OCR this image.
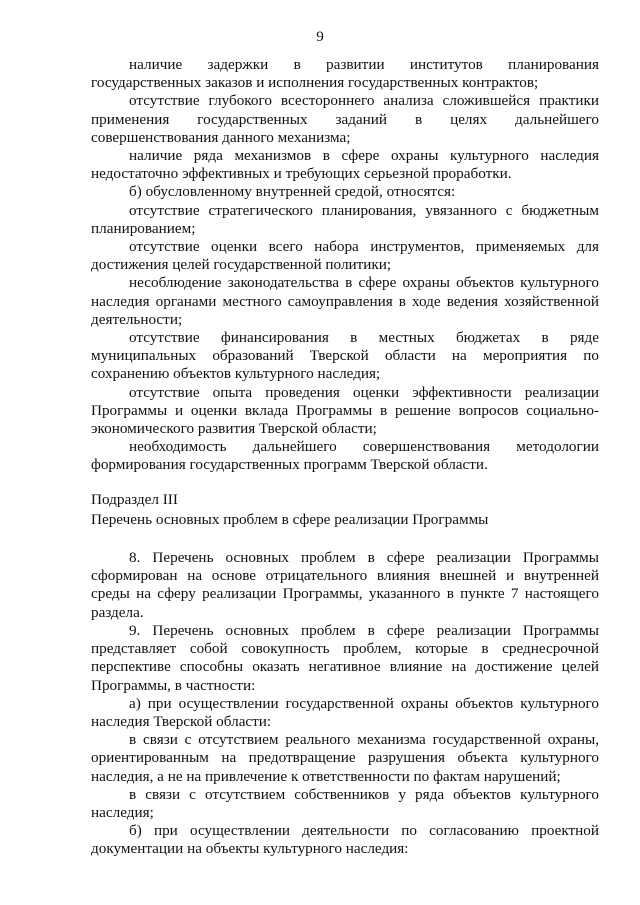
9

наличие задержки в развитии институтов планирования государственных заказов и исполнения государственных контрактов;

отсутствие глубокого всестороннего анализа сложившейся практики применения государственных заданий в целях дальнейшего совершенствования данного механизма;

наличие ряда механизмов в сфере охраны культурного наследия недостаточно эффективных и требующих серьезной проработки.

б) обусловленному внутренней средой, относятся:

отсутствие стратегического планирования, увязанного с бюджетным планированием;

отсутствие оценки всего набора инструментов, применяемых для достижения целей государственной политики;

несоблюдение законодательства в сфере охраны объектов культурного наследия органами местного самоуправления в ходе ведения хозяйственной деятельности;

отсутствие финансирования в местных бюджетах в ряде муниципальных образований Тверской области на мероприятия по сохранению объектов культурного наследия;

отсутствие опыта проведения оценки эффективности реализации Программы и оценки вклада Программы в решение вопросов социально-экономического развития Тверской области;

необходимость дальнейшего совершенствования методологии формирования государственных программ Тверской области.

Подраздел III

Перечень основных проблем в сфере реализации Программы

8. Перечень основных проблем в сфере реализации Программы сформирован на основе отрицательного влияния внешней и внутренней среды на сферу реализации Программы, указанного в пункте 7 настоящего раздела.

9. Перечень основных проблем в сфере реализации Программы представляет собой совокупность проблем, которые в среднесрочной перспективе способны оказать негативное влияние на достижение целей Программы, в частности:

а) при осуществлении государственной охраны объектов культурного наследия Тверской области:

в связи с отсутствием реального механизма государственной охраны, ориентированным на предотвращение разрушения объекта культурного наследия, а не на привлечение к ответственности по фактам нарушений;

в связи с отсутствием собственников у ряда объектов культурного наследия;

б) при осуществлении деятельности по согласованию проектной документации на объекты культурного наследия:
